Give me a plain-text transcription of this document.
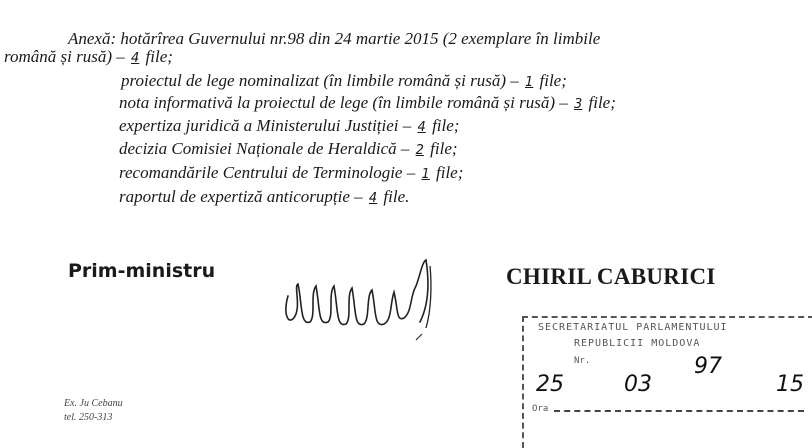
Anexă: hotărîrea Guvernului nr.98 din 24 martie 2015 (2 exemplare în limbile
română și rusă) – 4 file;
proiectul de lege nominalizat (în limbile română și rusă) – 1 file;
nota informativă la proiectul de lege (în limbile română și rusă) – 3 file;
expertiza juridică a Ministerului Justiției – 4 file;
decizia Comisiei Naționale de Heraldică – 2 file;
recomandările Centrului de Terminologie – 1 file;
raportul de expertiză anticorupție – 4 file.
Prim-ministru	CHIRIL CABURICI
Ex. Ju Cebanu
tel. 250-313
SECRETARIATUL PARLAMENTULUI
REPUBLICII MOLDOVA
Nr.	97
25	03	15
Ora
